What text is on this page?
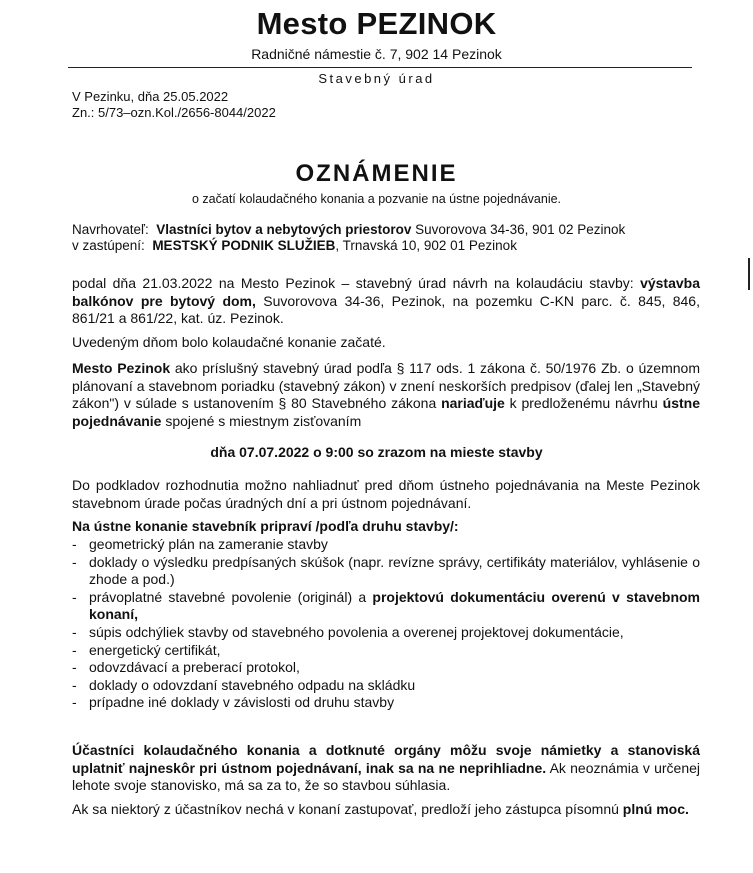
Mesto PEZINOK
Radničné námestie č. 7, 902 14 Pezinok
Stavebný úrad
V Pezinku, dňa 25.05.2022
Zn.: 5/73–ozn.Kol./2656-8044/2022
OZNÁMENIE
o začatí kolaudačného konania a pozvanie na ústne pojednávanie.
Navrhovateľ: Vlastníci bytov a nebytových priestorov Suvorovova 34-36, 901 02 Pezinok
v zastúpení: MESTSKÝ PODNIK SLUŽIEB, Trnavská 10, 902 01 Pezinok
podal dňa 21.03.2022 na Mesto Pezinok – stavebný úrad návrh na kolaudáciu stavby: výstavba balkónov pre bytový dom, Suvorovova 34-36, Pezinok, na pozemku C-KN parc. č. 845, 846, 861/21 a 861/22, kat. úz. Pezinok.
Uvedeným dňom bolo kolaudačné konanie začaté.
Mesto Pezinok ako príslušný stavebný úrad podľa § 117 ods. 1 zákona č. 50/1976 Zb. o územnom plánovaní a stavebnom poriadku (stavebný zákon) v znení neskorších predpisov (ďalej len „Stavebný zákon") v súlade s ustanovením § 80 Stavebného zákona nariaďuje k predloženému návrhu ústne pojednávanie spojené s miestnym zisťovaním
dňa 07.07.2022 o 9:00 so zrazom na mieste stavby
Do podkladov rozhodnutia možno nahliadnuť pred dňom ústneho pojednávania na Meste Pezinok stavebnom úrade počas úradných dní a pri ústnom pojednávaní.
Na ústne konanie stavebník pripraví /podľa druhu stavby/:
- geometrický plán na zameranie stavby
- doklady o výsledku predpísaných skúšok (napr. revízne správy, certifikáty materiálov, vyhlásenie o zhode a pod.)
- právoplatné stavebné povolenie (originál) a projektovú dokumentáciu overenú v stavebnom konaní,
- súpis odchýliek stavby od stavebného povolenia a overenej projektovej dokumentácie,
- energetický certifikát,
- odovzdávací a preberací protokol,
- doklady o odovzdaní stavebného odpadu na skládku
- prípadne iné doklady v závislosti od druhu stavby
Účastníci kolaudačného konania a dotknuté orgány môžu svoje námietky a stanoviská uplatniť najneskôr pri ústnom pojednávaní, inak sa na ne neprihliadne. Ak neoznámia v určenej lehote svoje stanovisko, má sa za to, že so stavbou súhlasia.
Ak sa niektorý z účastníkov nechá v konaní zastupovať, predloží jeho zástupca písomnú plnú moc.
